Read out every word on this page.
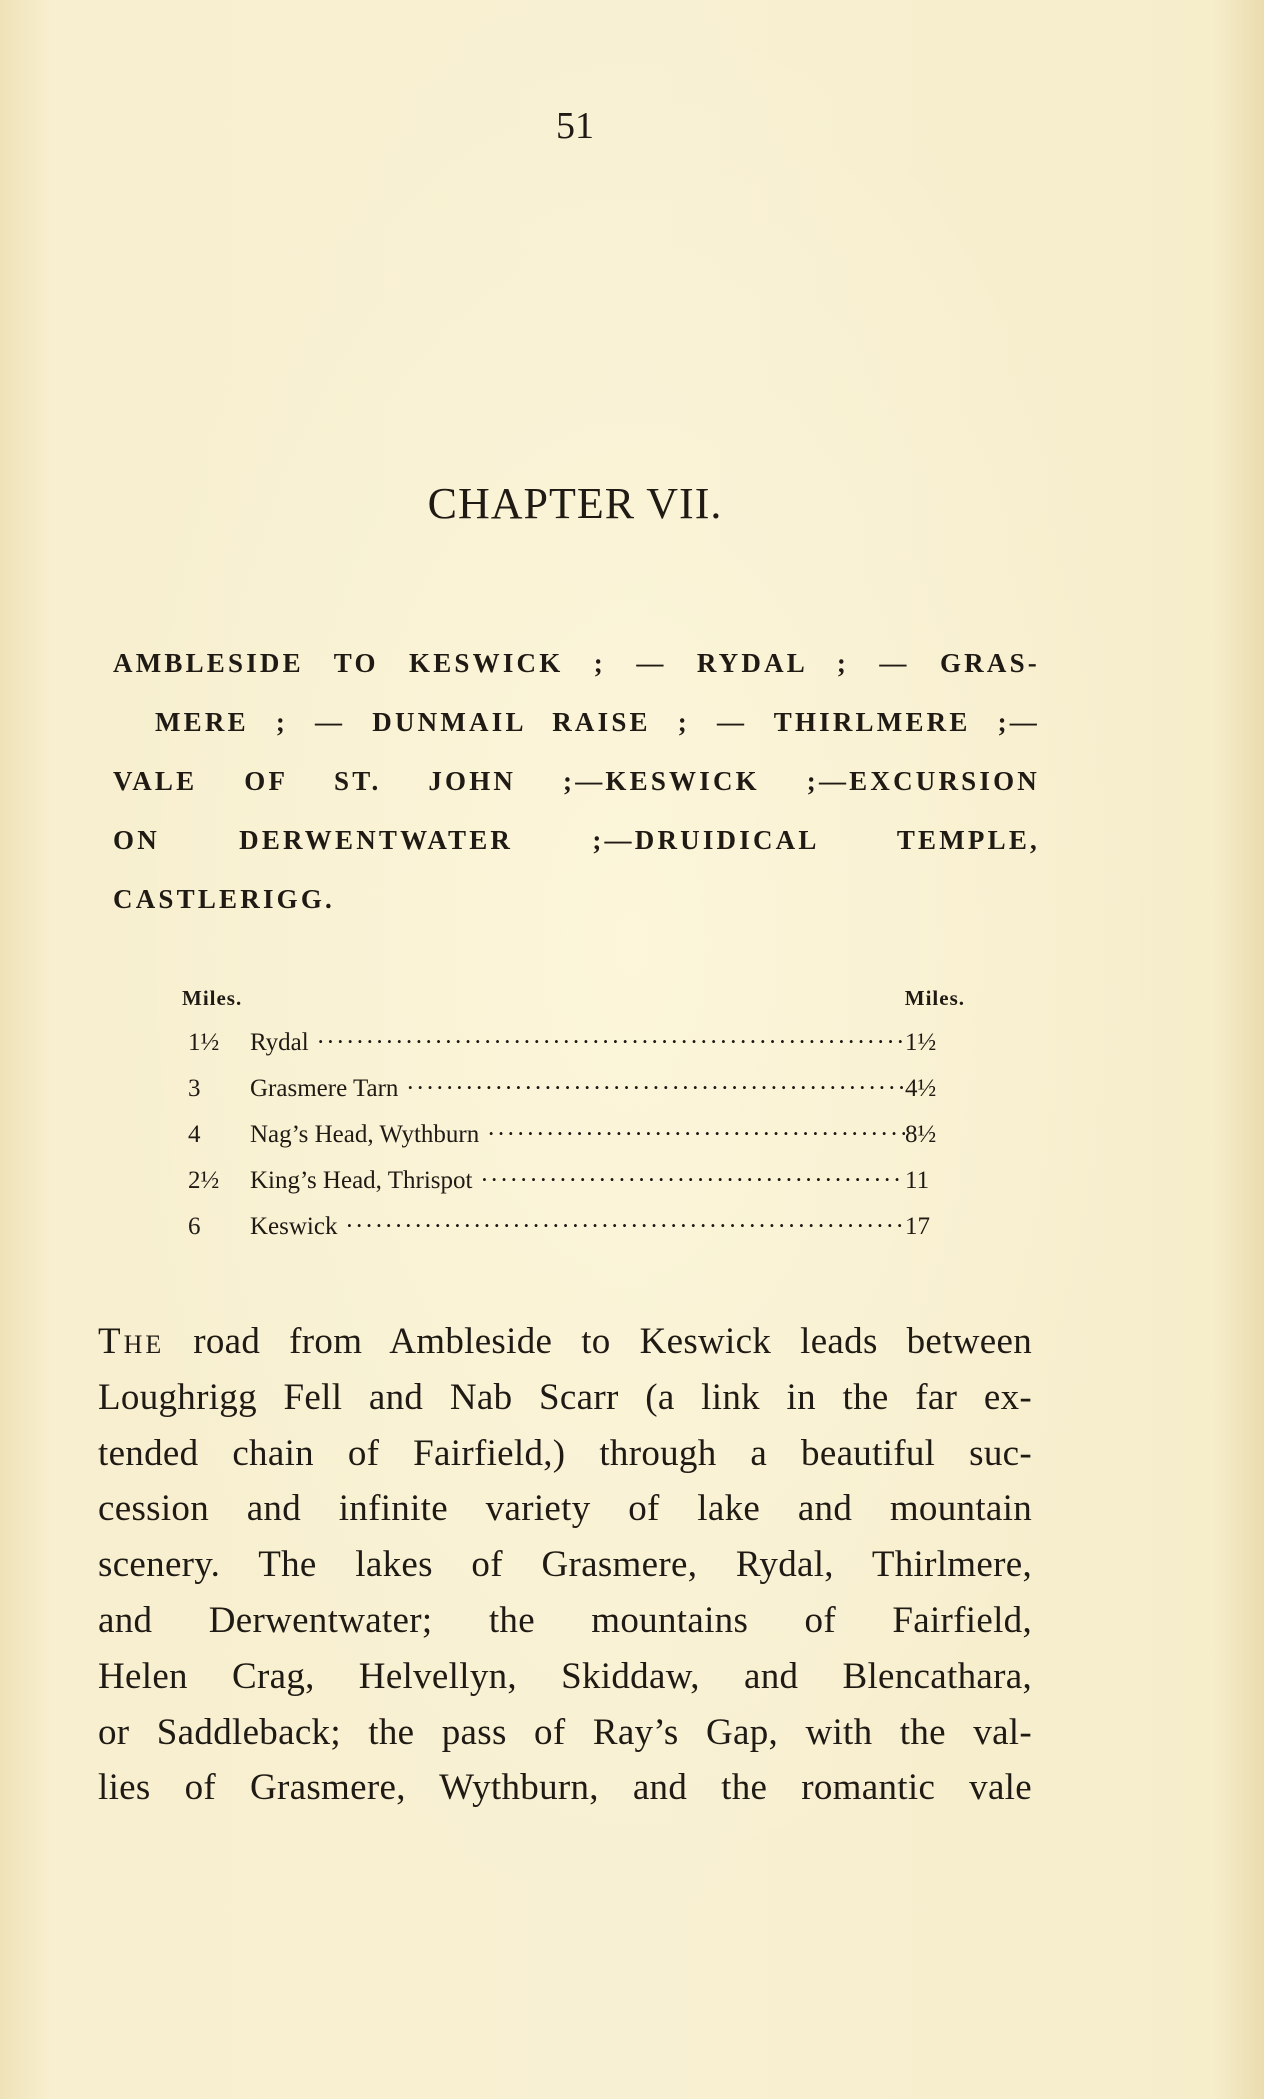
51
CHAPTER VII.
AMBLESIDE TO KESWICK ; — RYDAL ; — GRAS-
MERE ; — DUNMAIL RAISE ; — THIRLMERE ;—
VALE OF ST. JOHN ;—KESWICK ;—EXCURSION
ON DERWENTWATER ;—DRUIDICAL TEMPLE,
CASTLERIGG.
Miles.	Miles.
1½	Rydal ·····	1½
3	Grasmere Tarn ·····	4½
4	Nag’s Head, Wythburn ·····	8½
2½	King’s Head, Thrispot ·····	11
6	Keswick ·····	17
The road from Ambleside to Keswick leads between
Loughrigg Fell and Nab Scarr (a link in the far ex-
tended chain of Fairfield,) through a beautiful suc-
cession and infinite variety of lake and mountain
scenery. The lakes of Grasmere, Rydal, Thirlmere,
and Derwentwater; the mountains of Fairfield,
Helen Crag, Helvellyn, Skiddaw, and Blencathara,
or Saddleback; the pass of Ray’s Gap, with the val-
lies of Grasmere, Wythburn, and the romantic vale
